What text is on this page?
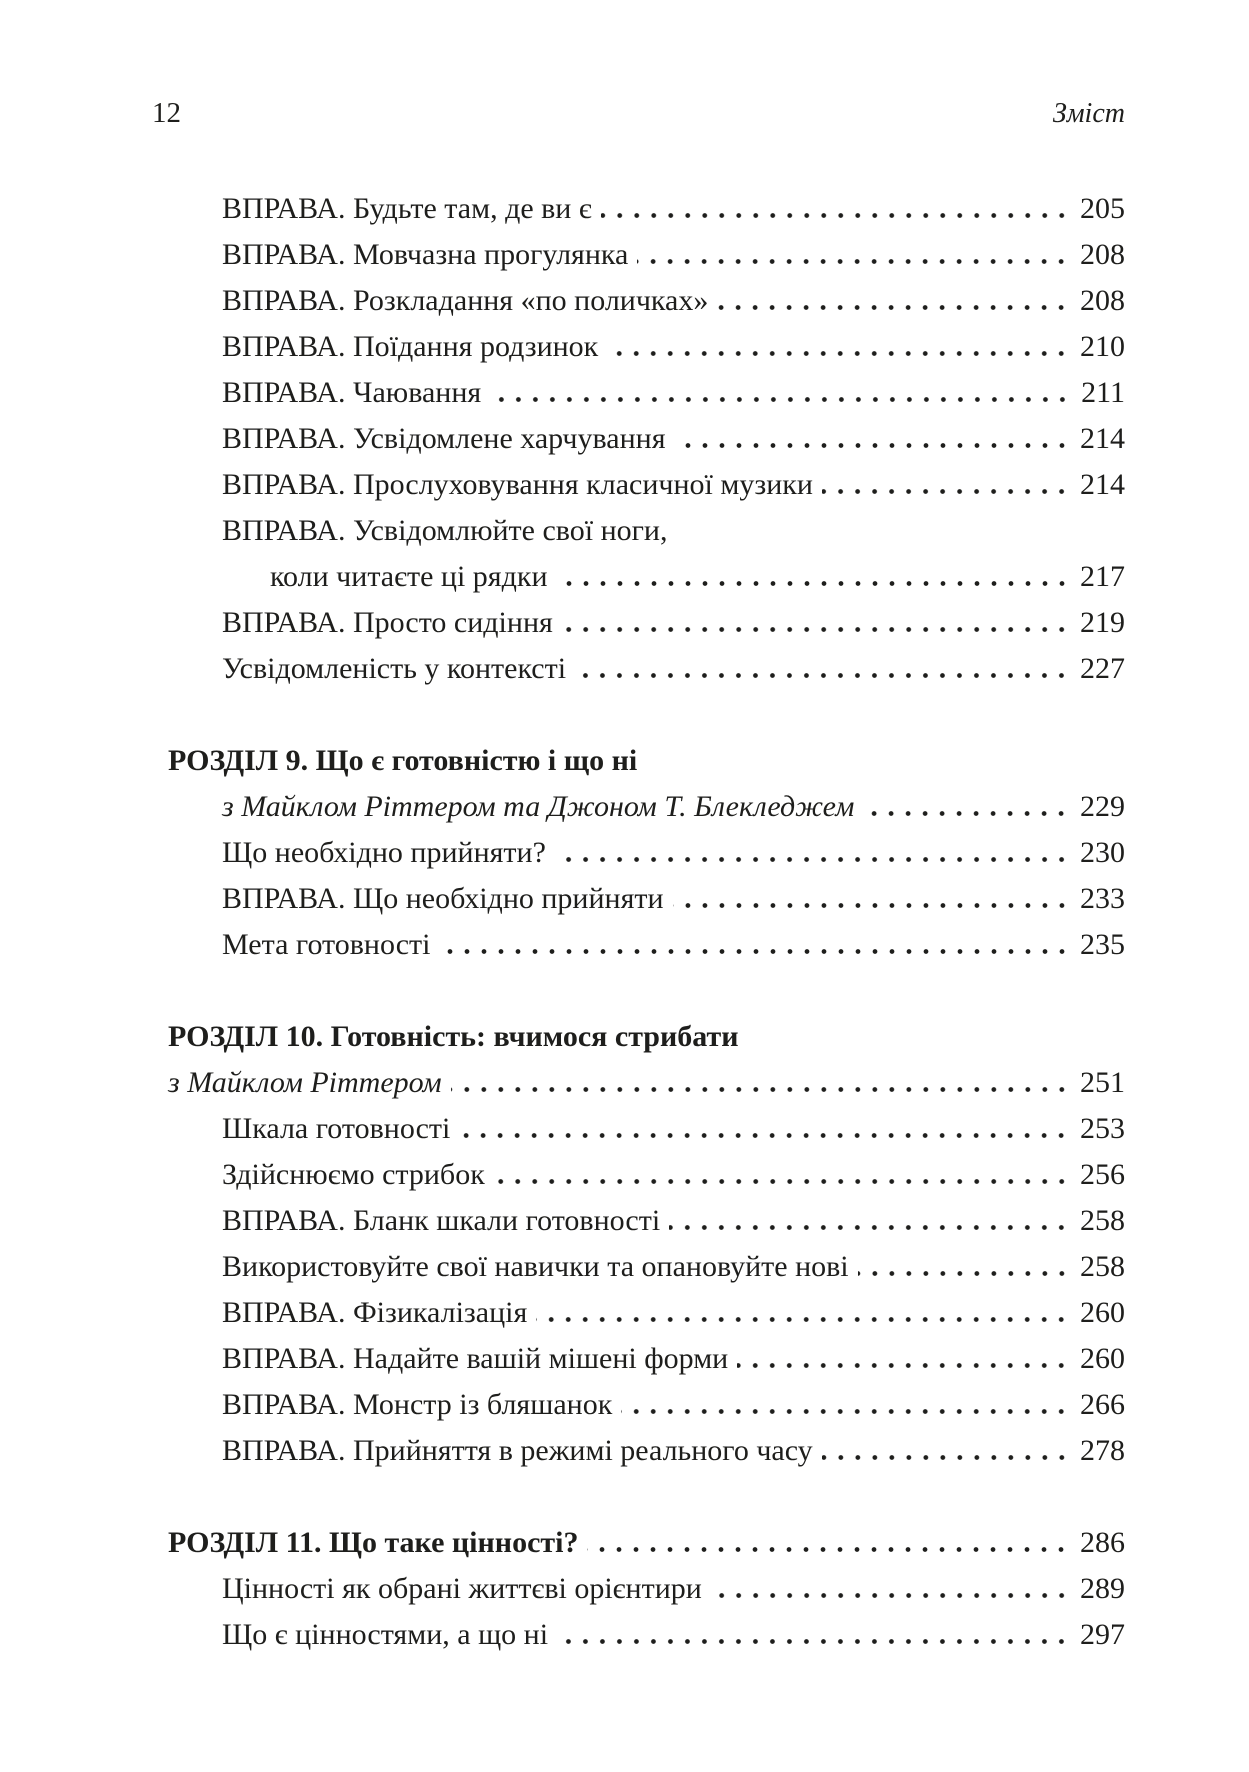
12	Зміст
ВПРАВА. Будьте там, де ви є	205
ВПРАВА. Мовчазна прогулянка	208
ВПРАВА. Розкладання «по поличках»	208
ВПРАВА. Поїдання родзинок	210
ВПРАВА. Чаювання	211
ВПРАВА. Усвідомлене харчування	214
ВПРАВА. Прослуховування класичної музики	214
ВПРАВА. Усвідомлюйте свої ноги,
коли читаєте ці рядки	217
ВПРАВА. Просто сидіння	219
Усвідомленість у контексті	227
РОЗДІЛ 9. Що є готовністю і що ні
з Майклом Ріттером та Джоном Т. Блекледжем	229
Що необхідно прийняти?	230
ВПРАВА. Що необхідно прийняти	233
Мета готовності	235
РОЗДІЛ 10. Готовність: вчимося стрибати
з Майклом Ріттером	251
Шкала готовності	253
Здійснюємо стрибок	256
ВПРАВА. Бланк шкали готовності	258
Використовуйте свої навички та опановуйте нові	258
ВПРАВА. Фізикалізація	260
ВПРАВА. Надайте вашій мішені форми	260
ВПРАВА. Монстр із бляшанок	266
ВПРАВА. Прийняття в режимі реального часу	278
РОЗДІЛ 11. Що таке цінності?	286
Цінності як обрані життєві орієнтири	289
Що є цінностями, а що ні	297
